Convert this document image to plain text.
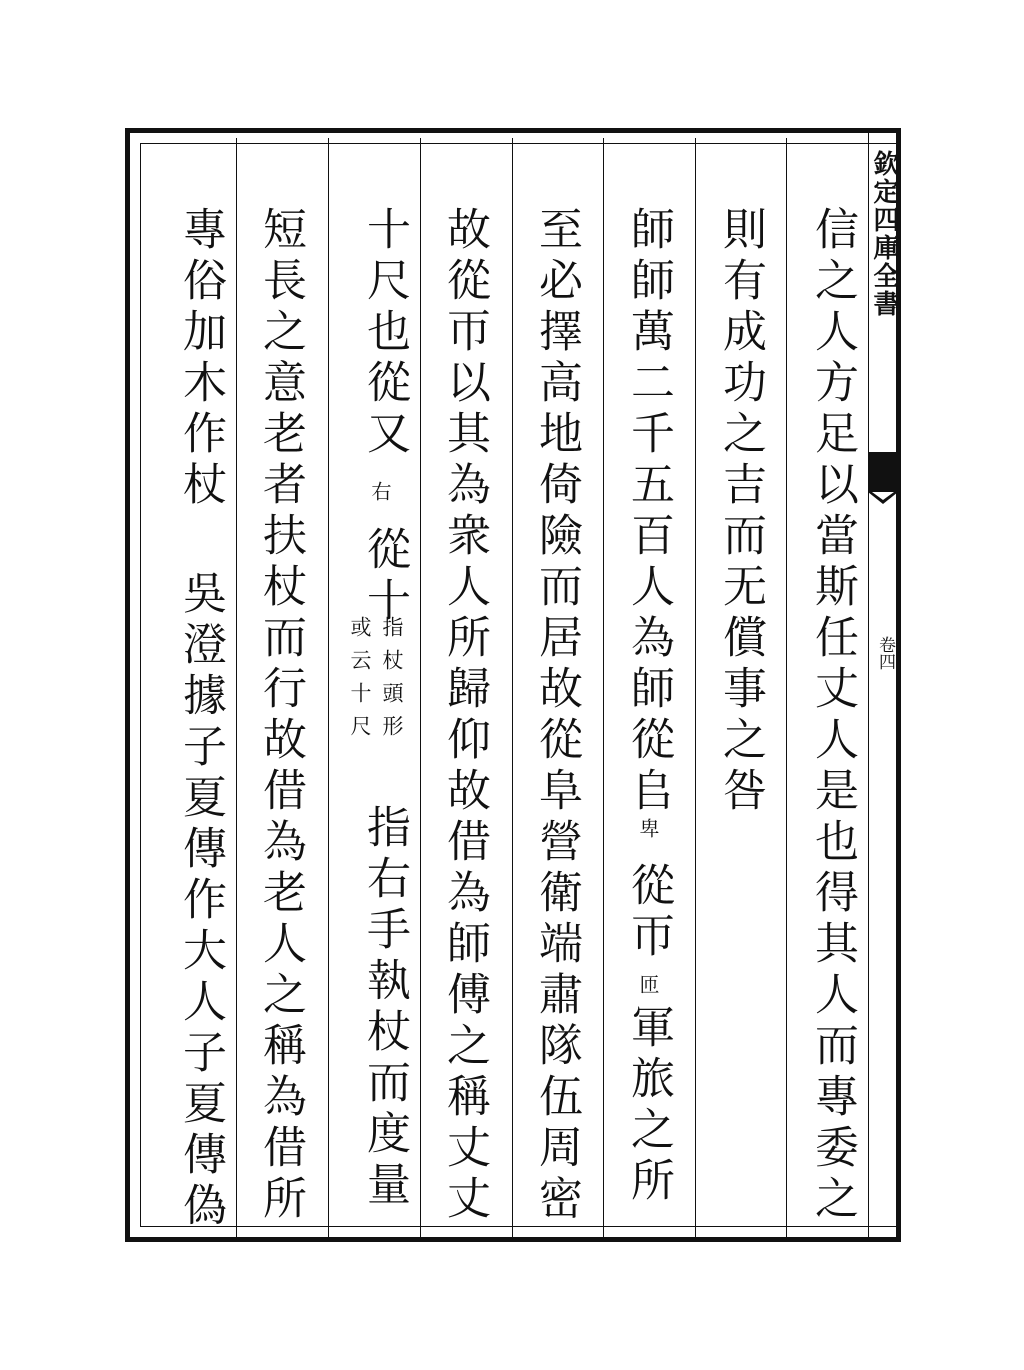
欽定四庫全書
卷四
信之人方足以當斯任丈人是也得其人而專委之
則有成功之吉而无償事之咎
師師萬二千五百人為師從𠂤卑從帀匝軍旅之所
至必擇高地倚險而居故從阜營衛端肅隊伍周密
故從帀以其為衆人所歸仰故借為師傅之稱丈丈
十尺也從又
右
從十
指杖頭形
或云十尺
指右手執杖而度量
短長之意老者扶杖而行故借為老人之稱為借所
專俗加木作杖
吳澄據子夏傳作大人子夏傳偽
